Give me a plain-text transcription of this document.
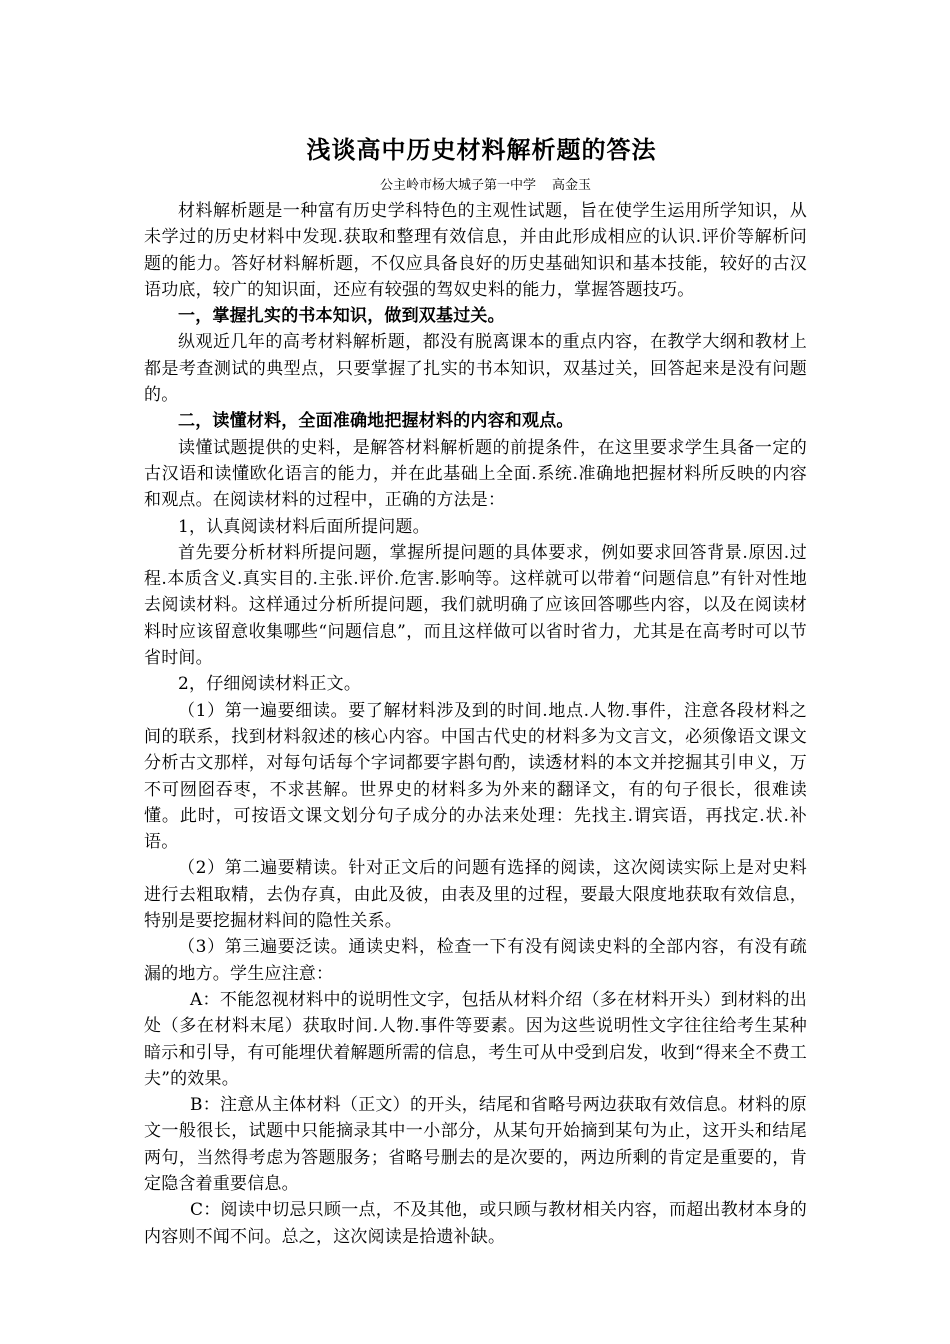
浅谈高中历史材料解析题的答法

公主岭市杨大城子第一中学 高金玉

材料解析题是一种富有历史学科特色的主观性试题，旨在使学生运用所学知识，从未学过的历史材料中发现.获取和整理有效信息，并由此形成相应的认识.评价等解析问题的能力。答好材料解析题，不仅应具备良好的历史基础知识和基本技能，较好的古汉语功底，较广的知识面，还应有较强的驾奴史料的能力，掌握答题技巧。

一，掌握扎实的书本知识，做到双基过关。

纵观近几年的高考材料解析题，都没有脱离课本的重点内容，在教学大纲和教材上都是考查测试的典型点，只要掌握了扎实的书本知识，双基过关，回答起来是没有问题的。

二，读懂材料，全面准确地把握材料的内容和观点。

读懂试题提供的史料，是解答材料解析题的前提条件，在这里要求学生具备一定的古汉语和读懂欧化语言的能力，并在此基础上全面.系统.准确地把握材料所反映的内容和观点。在阅读材料的过程中，正确的方法是：

1，认真阅读材料后面所提问题。

首先要分析材料所提问题，掌握所提问题的具体要求，例如要求回答背景.原因.过程.本质含义.真实目的.主张.评价.危害.影响等。这样就可以带着“问题信息”有针对性地去阅读材料。这样通过分析所提问题，我们就明确了应该回答哪些内容，以及在阅读材料时应该留意收集哪些“问题信息”，而且这样做可以省时省力，尤其是在高考时可以节省时间。

2，仔细阅读材料正文。

（1）第一遍要细读。要了解材料涉及到的时间.地点.人物.事件，注意各段材料之间的联系，找到材料叙述的核心内容。中国古代史的材料多为文言文，必须像语文课文分析古文那样，对每句话每个字词都要字斟句酌，读透材料的本文并挖掘其引申义，万不可囫囵吞枣，不求甚解。世界史的材料多为外来的翻译文，有的句子很长，很难读懂。此时，可按语文课文划分句子成分的办法来处理：先找主.谓宾语，再找定.状.补语。

（2）第二遍要精读。针对正文后的问题有选择的阅读，这次阅读实际上是对史料进行去粗取精，去伪存真，由此及彼，由表及里的过程，要最大限度地获取有效信息，特别是要挖掘材料间的隐性关系。

（3）第三遍要泛读。通读史料，检查一下有没有阅读史料的全部内容，有没有疏漏的地方。学生应注意：

A：不能忽视材料中的说明性文字，包括从材料介绍（多在材料开头）到材料的出处（多在材料末尾）获取时间.人物.事件等要素。因为这些说明性文字往往给考生某种暗示和引导，有可能埋伏着解题所需的信息，考生可从中受到启发，收到“得来全不费工夫”的效果。

B：注意从主体材料（正文）的开头，结尾和省略号两边获取有效信息。材料的原文一般很长，试题中只能摘录其中一小部分，从某句开始摘到某句为止，这开头和结尾两句，当然得考虑为答题服务；省略号删去的是次要的，两边所剩的肯定是重要的，肯定隐含着重要信息。

C：阅读中切忌只顾一点，不及其他，或只顾与教材相关内容，而超出教材本身的内容则不闻不问。总之，这次阅读是拾遗补缺。
